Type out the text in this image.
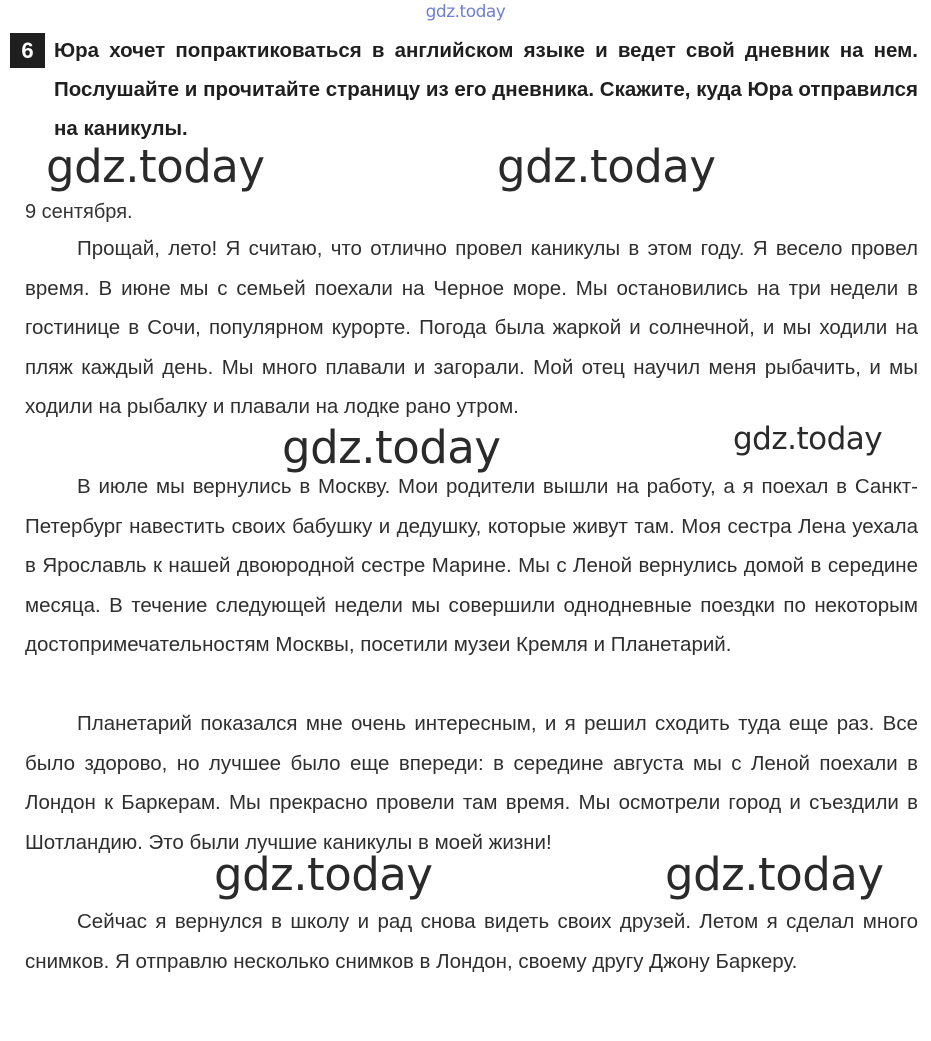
gdz.today
6 Юра хочет попрактиковаться в английском языке и ведет свой дневник на нем. Послушайте и прочитайте страницу из его дневника. Скажите, куда Юра отправился на каникулы.
9 сентября.

Прощай, лето! Я считаю, что отлично провел каникулы в этом году. Я весело провел время. В июне мы с семьей поехали на Черное море. Мы остановились на три недели в гостинице в Сочи, популярном курорте. Погода была жаркой и солнечной, и мы ходили на пляж каждый день. Мы много плавали и загорали. Мой отец научил меня рыбачить, и мы ходили на рыбалку и плавали на лодке рано утром.

В июле мы вернулись в Москву. Мои родители вышли на работу, а я поехал в Санкт-Петербург навестить своих бабушку и дедушку, которые живут там. Моя сестра Лена уехала в Ярославль к нашей двоюродной сестре Марине. Мы с Леной вернулись домой в середине месяца. В течение следующей недели мы совершили однодневные поездки по некоторым достопримечательностям Москвы, посетили музеи Кремля и Планетарий.

Планетарий показался мне очень интересным, и я решил сходить туда еще раз. Все было здорово, но лучшее было еще впереди: в середине августа мы с Леной поехали в Лондон к Баркерам. Мы прекрасно провели там время. Мы осмотрели город и съездили в Шотландию. Это были лучшие каникулы в моей жизни!

Сейчас я вернулся в школу и рад снова видеть своих друзей. Летом я сделал много снимков. Я отправлю несколько снимков в Лондон, своему другу Джону Баркеру.

gdz.today	gdz.today
gdz.today	gdz.today
gdz.today	gdz.today
